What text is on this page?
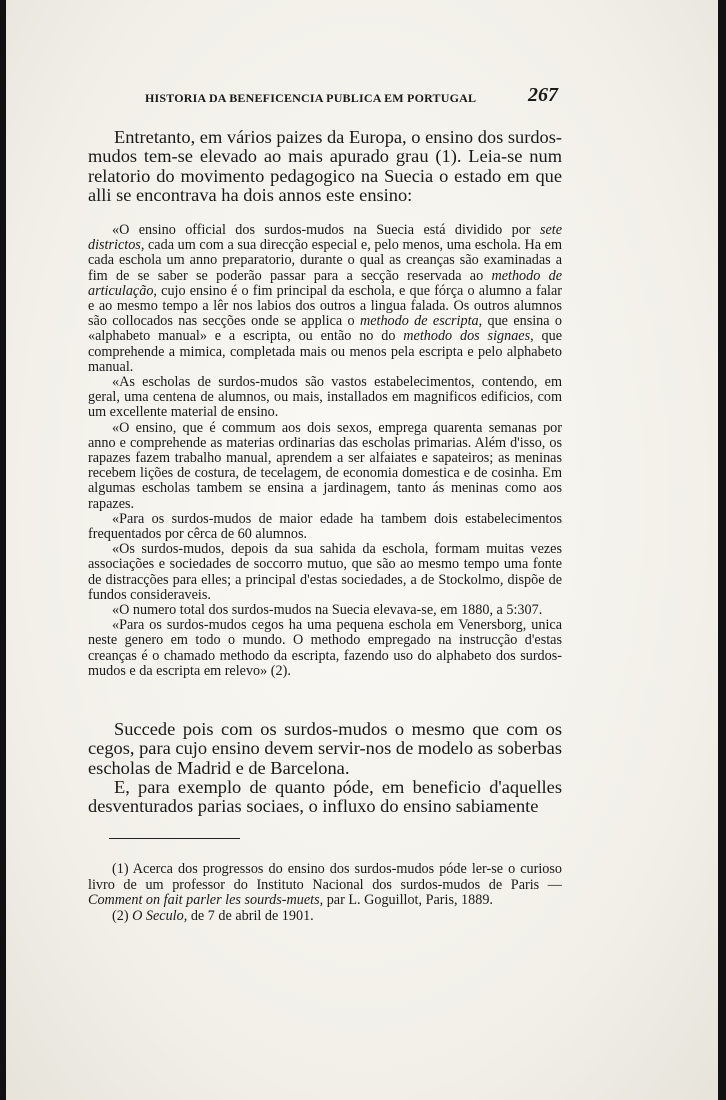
HISTORIA DA BENEFICENCIA PUBLICA EM PORTUGAL	267

Entretanto, em vários paizes da Europa, o ensino dos surdos-mudos tem-se elevado ao mais apurado grau (1). Leia-se num relatorio do movimento pedagogico na Suecia o estado em que alli se encontrava ha dois annos este ensino:

«O ensino official dos surdos-mudos na Suecia está dividido por sete districtos, cada um com a sua direcção especial e, pelo menos, uma eschola. Ha em cada eschola um anno preparatorio, durante o qual as creanças são examinadas a fim de se saber se poderão passar para a secção reservada ao methodo de articulação, cujo ensino é o fim principal da eschola, e que fórça o alumno a falar e ao mesmo tempo a lêr nos labios dos outros a lingua falada. Os outros alumnos são collocados nas secções onde se applica o methodo de escripta, que ensina o «alphabeto manual» e a escripta, ou então no do methodo dos signaes, que comprehende a mimica, completada mais ou menos pela escripta e pelo alphabeto manual.

«As escholas de surdos-mudos são vastos estabelecimentos, contendo, em geral, uma centena de alumnos, ou mais, installados em magnificos edificios, com um excellente material de ensino.

«O ensino, que é commum aos dois sexos, emprega quarenta semanas por anno e comprehende as materias ordinarias das escholas primarias. Além d'isso, os rapazes fazem trabalho manual, aprendem a ser alfaiates e sapateiros; as meninas recebem lições de costura, de tecelagem, de economia domestica e de cosinha. Em algumas escholas tambem se ensina a jardinagem, tanto ás meninas como aos rapazes.

«Para os surdos-mudos de maior edade ha tambem dois estabelecimentos frequentados por cêrca de 60 alumnos.

«Os surdos-mudos, depois da sua sahida da eschola, formam muitas vezes associações e sociedades de soccorro mutuo, que são ao mesmo tempo uma fonte de distracções para elles; a principal d'estas sociedades, a de Stockolmo, dispõe de fundos consideraveis.

«O numero total dos surdos-mudos na Suecia elevava-se, em 1880, a 5:307.

«Para os surdos-mudos cegos ha uma pequena eschola em Venersborg, unica neste genero em todo o mundo. O methodo empregado na instrucção d'estas creanças é o chamado methodo da escripta, fazendo uso do alphabeto dos surdos-mudos e da escripta em relevo» (2).

Succede pois com os surdos-mudos o mesmo que com os cegos, para cujo ensino devem servir-nos de modelo as soberbas escholas de Madrid e de Barcelona.

E, para exemplo de quanto póde, em beneficio d'aquelles desventurados parias sociaes, o influxo do ensino sabiamente

(1) Acerca dos progressos do ensino dos surdos-mudos póde ler-se o curioso livro de um professor do Instituto Nacional dos surdos-mudos de Paris — Comment on fait parler les sourds-muets, par L. Goguillot, Paris, 1889.

(2) O Seculo, de 7 de abril de 1901.
